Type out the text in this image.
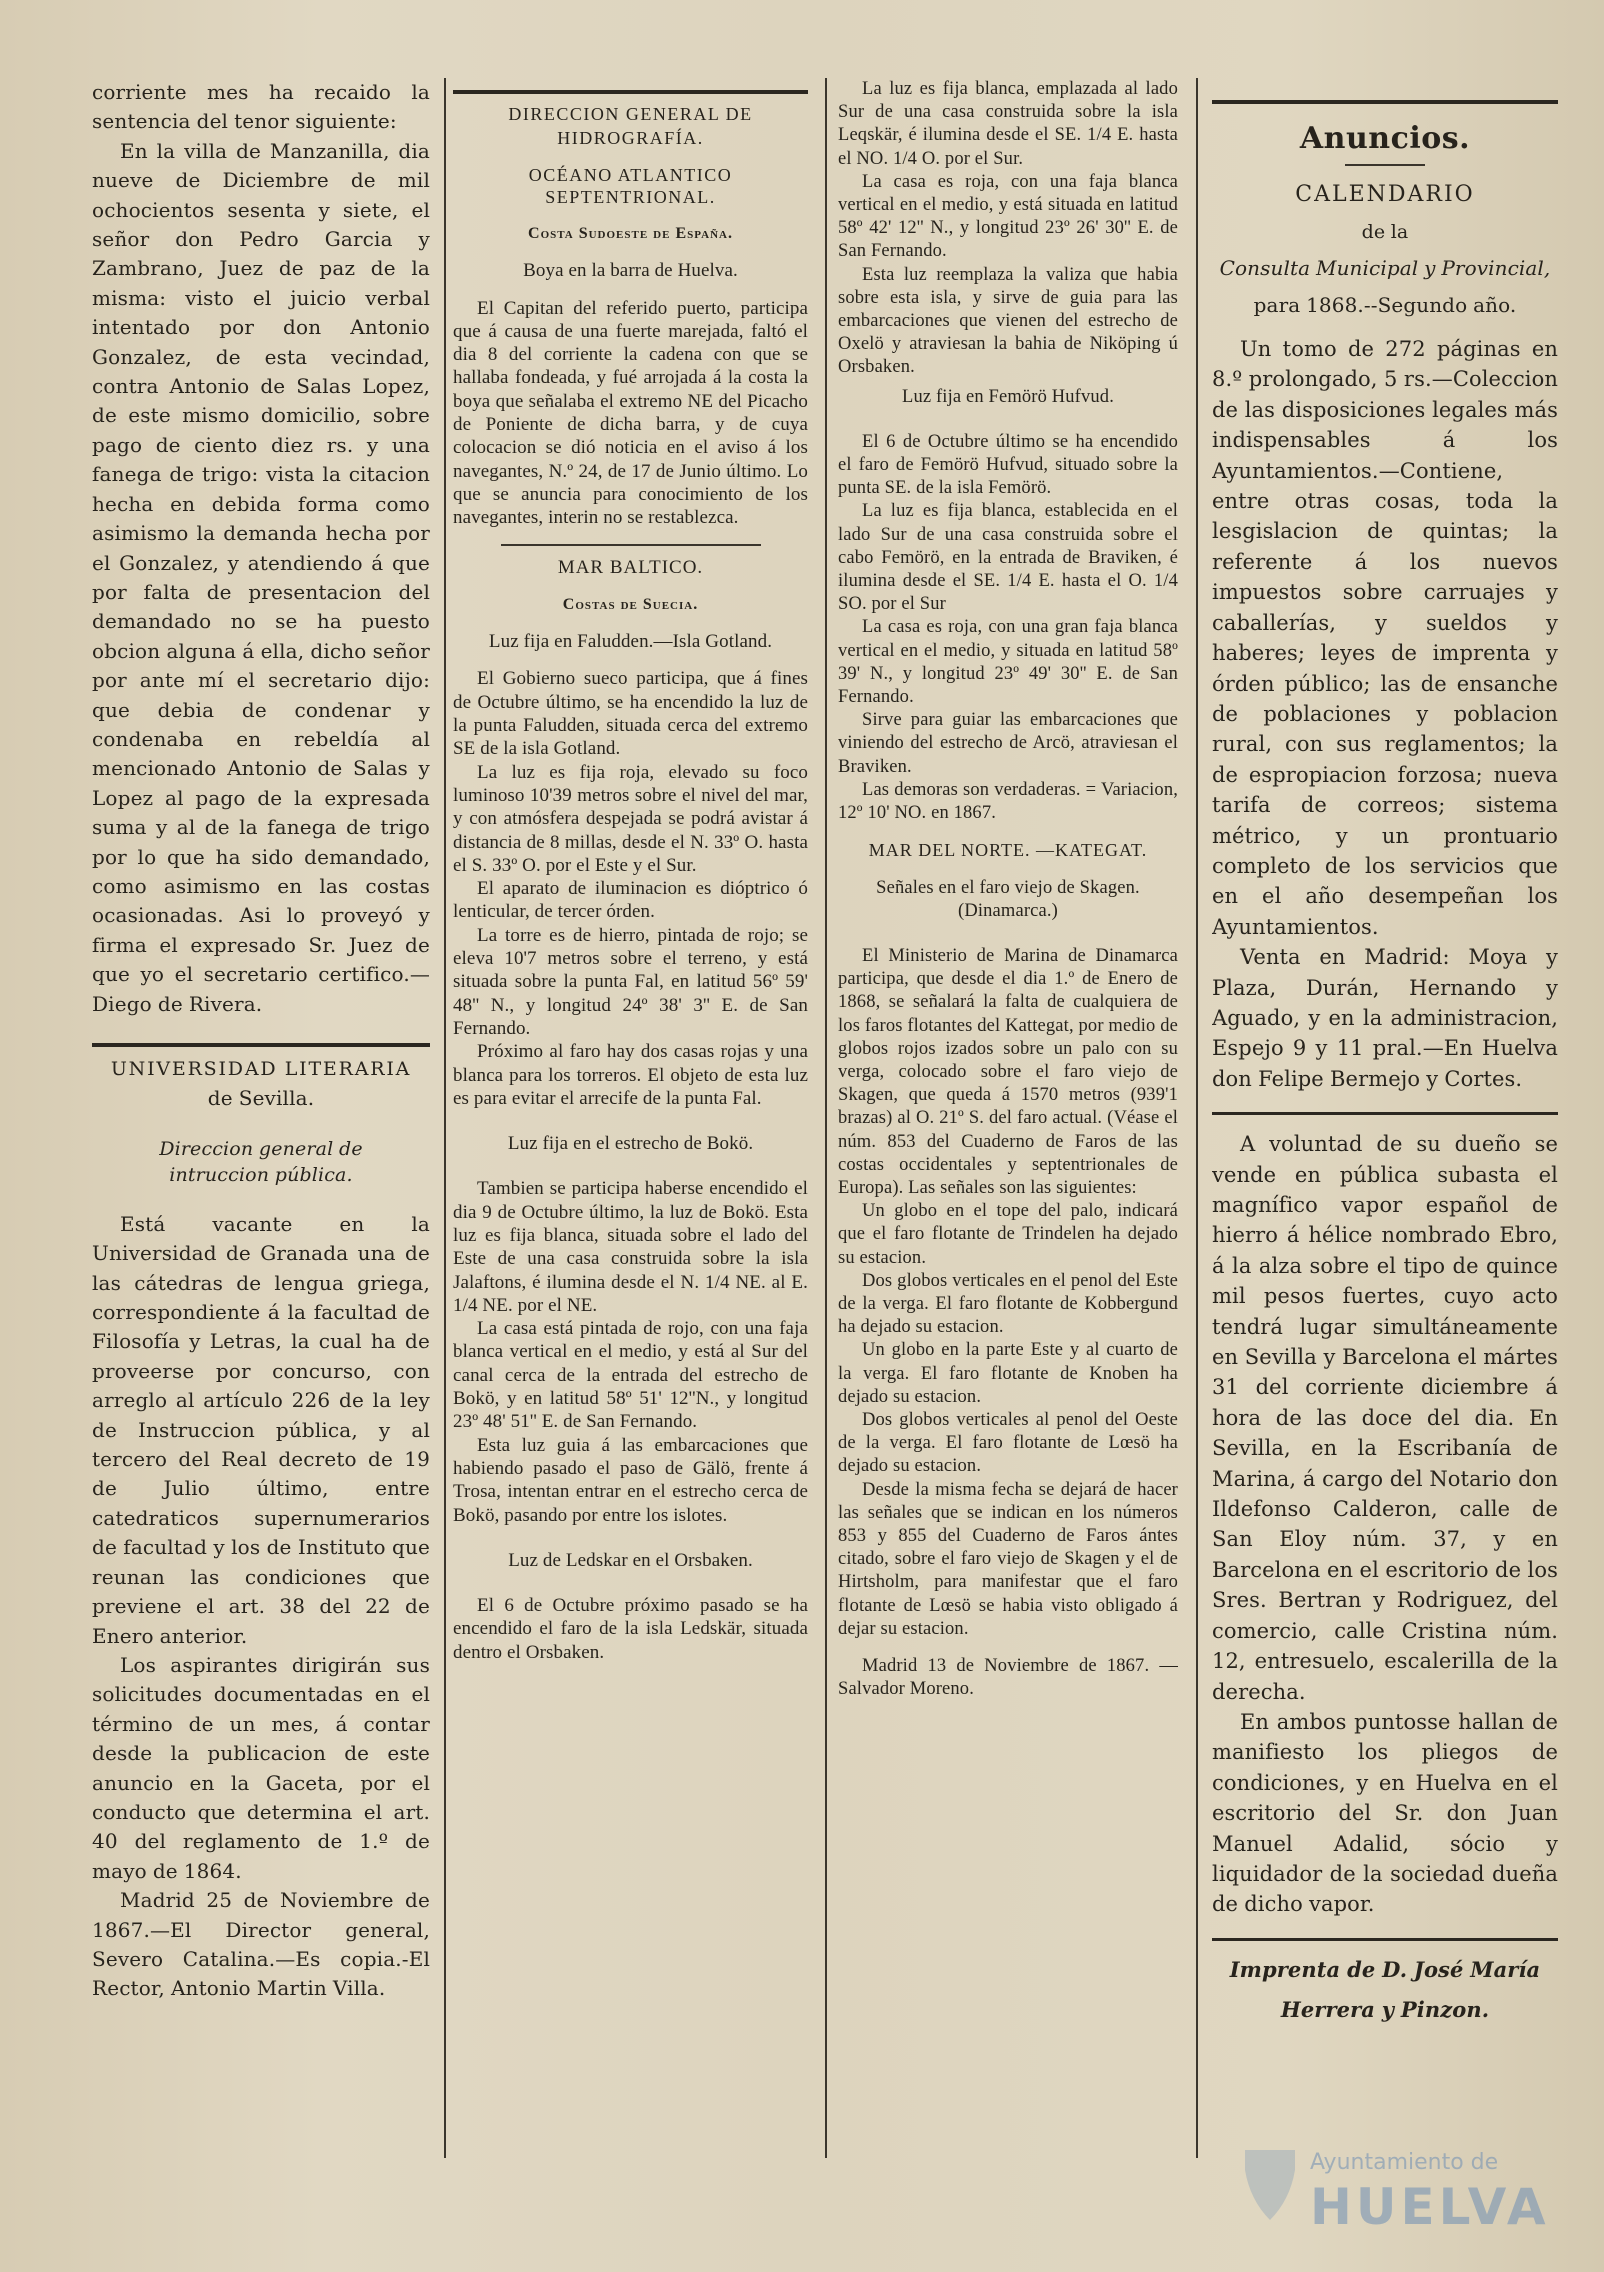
corriente mes ha recaido la sentencia del tenor siguiente:

En la villa de Manzanilla, dia nueve de Diciembre de mil ochocientos sesenta y siete, el señor don Pedro Garcia y Zambrano, Juez de paz de la misma: visto el juicio verbal intentado por don Antonio Gonzalez, de esta vecindad, contra Antonio de Salas Lopez, de este mismo domicilio, sobre pago de ciento diez rs. y una fanega de trigo: vista la citacion hecha en debida forma como asimismo la demanda hecha por el Gonzalez, y atendiendo á que por falta de presentacion del demandado no se ha puesto obcion alguna á ella, dicho señor por ante mí el secretario dijo: que debia de condenar y condenaba en rebeldía al mencionado Antonio de Salas y Lopez al pago de la expresada suma y al de la fanega de trigo por lo que ha sido demandado, como asimismo en las costas ocasionadas. Asi lo proveyó y firma el expresado Sr. Juez de que yo el secretario certifico.—Diego de Rivera.

UNIVERSIDAD LITERARIA

de Sevilla.

Direccion general de intruccion pública.

Está vacante en la Universidad de Granada una de las cátedras de lengua griega, correspondiente á la facultad de Filosofía y Letras, la cual ha de proveerse por concurso, con arreglo al artículo 226 de la ley de Instruccion pública, y al tercero del Real decreto de 19 de Julio último, entre catedraticos supernumerarios de facultad y los de Instituto que reunan las condiciones que previene el art. 38 del 22 de Enero anterior.

Los aspirantes dirigirán sus solicitudes documentadas en el término de un mes, á contar desde la publicacion de este anuncio en la Gaceta, por el conducto que determina el art. 40 del reglamento de 1.º de mayo de 1864.

Madrid 25 de Noviembre de 1867.—El Director general, Severo Catalina.—Es copia.-El Rector, Antonio Martin Villa.

DIRECCION GENERAL DE HIDROGRAFÍA.

OCÉANO ATLANTICO SEPTENTRIONAL.

Costa Sudoeste de España.

Boya en la barra de Huelva.

El Capitan del referido puerto, participa que á causa de una fuerte marejada, faltó el dia 8 del corriente la cadena con que se hallaba fondeada, y fué arrojada á la costa la boya que señalaba el extremo NE del Picacho de Poniente de dicha barra, y de cuya colocacion se dió noticia en el aviso á los navegantes, N.º 24, de 17 de Junio último. Lo que se anuncia para conocimiento de los navegantes, interin no se restablezca.

MAR BALTICO.

Costas de Suecia.

Luz fija en Faludden.—Isla Gotland.

El Gobierno sueco participa, que á fines de Octubre último, se ha encendido la luz de la punta Faludden, situada cerca del extremo SE de la isla Gotland.

La luz es fija roja, elevado su foco luminoso 10'39 metros sobre el nivel del mar, y con atmósfera despejada se podrá avistar á distancia de 8 millas, desde el N. 33º O. hasta el S. 33º O. por el Este y el Sur.

El aparato de iluminacion es dióptrico ó lenticular, de tercer órden.

La torre es de hierro, pintada de rojo; se eleva 10'7 metros sobre el terreno, y está situada sobre la punta Fal, en latitud 56º 59' 48'' N., y longitud 24º 38' 3'' E. de San Fernando.

Próximo al faro hay dos casas rojas y una blanca para los torreros. El objeto de esta luz es para evitar el arrecife de la punta Fal.

Luz fija en el estrecho de Bokö.

Tambien se participa haberse encendido el dia 9 de Octubre último, la luz de Bokö. Esta luz es fija blanca, situada sobre el lado del Este de una casa construida sobre la isla Jalaftons, é ilumina desde el N. 1/4 NE. al E. 1/4 NE. por el NE.

La casa está pintada de rojo, con una faja blanca vertical en el medio, y está al Sur del canal cerca de la entrada del estrecho de Bokö, y en latitud 58º 51' 12''N., y longitud 23º 48' 51'' E. de San Fernando.

Esta luz guia á las embarcaciones que habiendo pasado el paso de Gälö, frente á Trosa, intentan entrar en el estrecho cerca de Bokö, pasando por entre los islotes.

Luz de Ledskar en el Orsbaken.

El 6 de Octubre próximo pasado se ha encendido el faro de la isla Ledskär, situada dentro el Orsbaken.

La luz es fija blanca, emplazada al lado Sur de una casa construida sobre la isla Leqskär, é ilumina desde el SE. 1/4 E. hasta el NO. 1/4 O. por el Sur.

La casa es roja, con una faja blanca vertical en el medio, y está situada en latitud 58º 42' 12'' N., y longitud 23º 26' 30'' E. de San Fernando.

Esta luz reemplaza la valiza que habia sobre esta isla, y sirve de guia para las embarcaciones que vienen del estrecho de Oxelö y atraviesan la bahia de Niköping ú Orsbaken.

Luz fija en Femörö Hufvud.

El 6 de Octubre último se ha encendido el faro de Femörö Hufvud, situado sobre la punta SE. de la isla Femörö.

La luz es fija blanca, establecida en el lado Sur de una casa construida sobre el cabo Femörö, en la entrada de Braviken, é ilumina desde el SE. 1/4 E. hasta el O. 1/4 SO. por el Sur

La casa es roja, con una gran faja blanca vertical en el medio, y situada en latitud 58º 39' N., y longitud 23º 49' 30'' E. de San Fernando.

Sirve para guiar las embarcaciones que viniendo del estrecho de Arcö, atraviesan el Braviken.

Las demoras son verdaderas. = Variacion, 12º 10' NO. en 1867.

MAR DEL NORTE. —KATEGAT.

Señales en el faro viejo de Skagen. (Dinamarca.)

El Ministerio de Marina de Dinamarca participa, que desde el dia 1.º de Enero de 1868, se señalará la falta de cualquiera de los faros flotantes del Kattegat, por medio de globos rojos izados sobre un palo con su verga, colocado sobre el faro viejo de Skagen, que queda á 1570 metros (939'1 brazas) al O. 21º S. del faro actual. (Véase el núm. 853 del Cuaderno de Faros de las costas occidentales y septentrionales de Europa). Las señales son las siguientes:

Un globo en el tope del palo, indicará que el faro flotante de Trindelen ha dejado su estacion.

Dos globos verticales en el penol del Este de la verga. El faro flotante de Kobbergund ha dejado su estacion.

Un globo en la parte Este y al cuarto de la verga. El faro flotante de Knoben ha dejado su estacion.

Dos globos verticales al penol del Oeste de la verga. El faro flotante de Lœsö ha dejado su estacion.

Desde la misma fecha se dejará de hacer las señales que se indican en los números 853 y 855 del Cuaderno de Faros ántes citado, sobre el faro viejo de Skagen y el de Hirtsholm, para manifestar que el faro flotante de Lœsö se habia visto obligado á dejar su estacion.

Madrid 13 de Noviembre de 1867. —Salvador Moreno.

Anuncios.

CALENDARIO

de la

Consulta Municipal y Provincial,

para 1868.--Segundo año.

Un tomo de 272 páginas en 8.º prolongado, 5 rs.—Coleccion de las disposiciones legales más indispensables á los Ayuntamientos.—Contiene, entre otras cosas, toda la lesgislacion de quintas; la referente á los nuevos impuestos sobre carruajes y caballerías, y sueldos y haberes; leyes de imprenta y órden público; las de ensanche de poblaciones y poblacion rural, con sus reglamentos; la de espropiacion forzosa; nueva tarifa de correos; sistema métrico, y un prontuario completo de los servicios que en el año desempeñan los Ayuntamientos.

Venta en Madrid: Moya y Plaza, Durán, Hernando y Aguado, y en la administracion, Espejo 9 y 11 pral.—En Huelva don Felipe Bermejo y Cortes.

A voluntad de su dueño se vende en pública subasta el magnífico vapor español de hierro á hélice nombrado Ebro, á la alza sobre el tipo de quince mil pesos fuertes, cuyo acto tendrá lugar simultáneamente en Sevilla y Barcelona el mártes 31 del corriente diciembre á hora de las doce del dia. En Sevilla, en la Escribanía de Marina, á cargo del Notario don Ildefonso Calderon, calle de San Eloy núm. 37, y en Barcelona en el escritorio de los Sres. Bertran y Rodriguez, del comercio, calle Cristina núm. 12, entresuelo, escalerilla de la derecha.

En ambos puntosse hallan de manifiesto los pliegos de condiciones, y en Huelva en el escritorio del Sr. don Juan Manuel Adalid, sócio y liquidador de la sociedad dueña de dicho vapor.

Imprenta de D. José María

Herrera y Pinzon.

Ayuntamiento de
HUELVA
